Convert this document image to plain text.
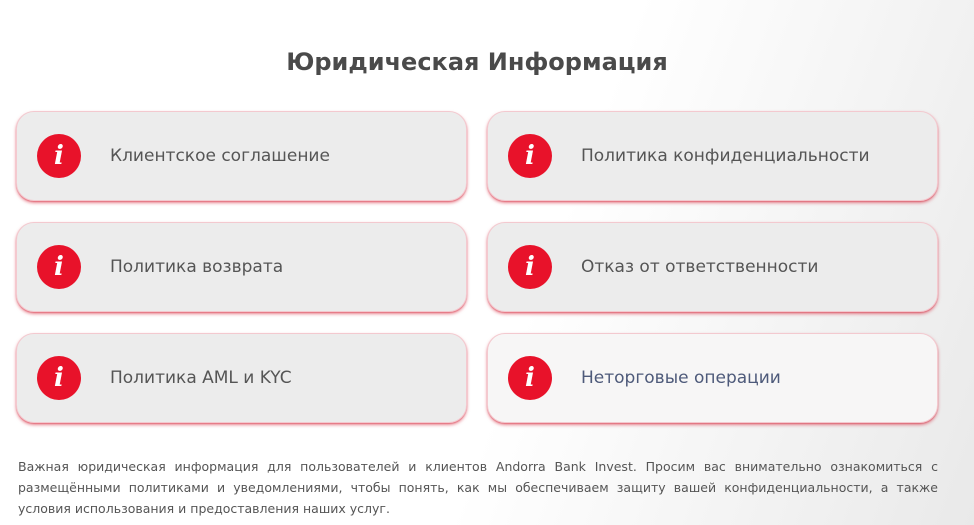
Юридическая Информация
i	Клиентское соглашение	i	Политика конфиденциальности
i	Политика возврата	i	Отказ от ответственности
i	Политика AML и KYC	i	Неторговые операции

Важная юридическая информация для пользователей и клиентов Andorra Bank Invest. Просим вас внимательно ознакомиться с размещёнными политиками и уведомлениями, чтобы понять, как мы обеспечиваем защиту вашей конфиденциальности, а также условия использования и предоставления наших услуг.
